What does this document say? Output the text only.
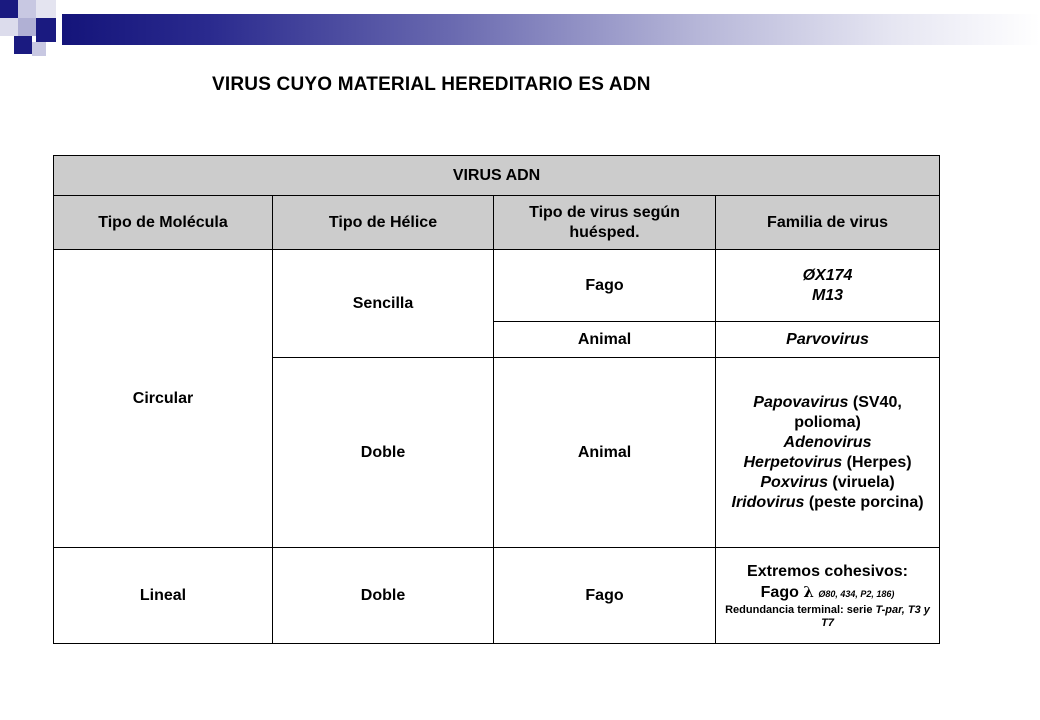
VIRUS CUYO MATERIAL HEREDITARIO ES ADN
VIRUS ADN			
Tipo de Molécula	Tipo de Hélice	Tipo de virus según huésped.	Familia de virus
Circular	Sencilla	Fago	ØX174
M13

		Animal	Parvovirus
	Doble	Animal	Papovavirus (SV40, polioma)
Adenovirus
Herpetovirus (Herpes)
Poxvirus (viruela)
Iridovirus (peste porcina)

Lineal	Doble	Fago	Extremos cohesivos:
Fago λ Ø80, 434, P2, 186)
Redundancia terminal: serie T-par, T3 y T7
